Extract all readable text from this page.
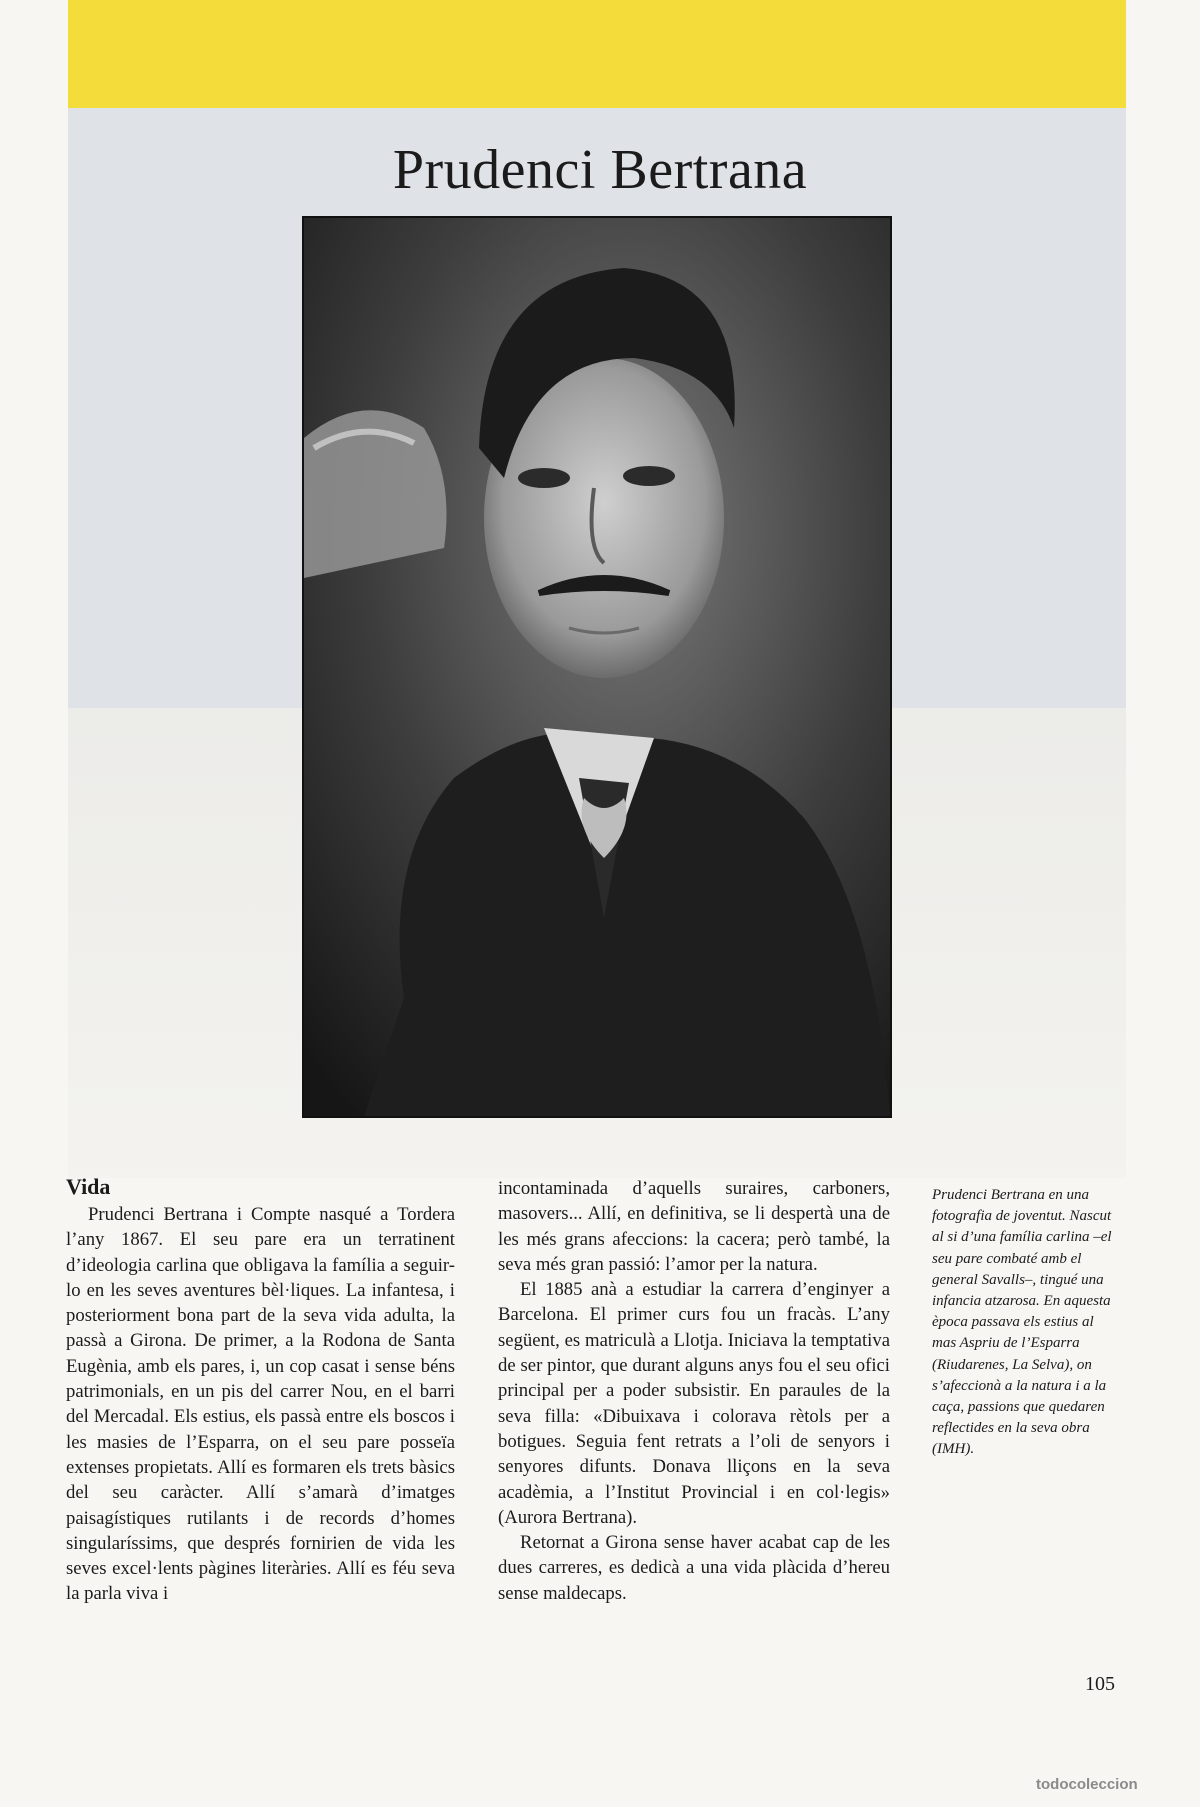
Prudenci Bertrana
Vida

Prudenci Bertrana i Compte nasqué a Tordera l’any 1867. El seu pare era un terratinent d’ideologia carlina que obligava la família a seguir-lo en les seves aventures bèl·liques. La infantesa, i posteriorment bona part de la seva vida adulta, la passà a Girona. De primer, a la Rodona de Santa Eugènia, amb els pares, i, un cop casat i sense béns patrimonials, en un pis del carrer Nou, en el barri del Mercadal. Els estius, els passà entre els boscos i les masies de l’Esparra, on el seu pare posseïa extenses propietats. Allí es formaren els trets bàsics del seu caràcter. Allí s’amarà d’imatges paisagístiques rutilants i de records d’homes singularíssims, que després fornirien de vida les seves excel·lents pàgines literàries. Allí es féu seva la parla viva i

incontaminada d’aquells suraires, carboners, masovers... Allí, en definitiva, se li despertà una de les més grans afeccions: la cacera; però també, la seva més gran passió: l’amor per la natura.

El 1885 anà a estudiar la carrera d’enginyer a Barcelona. El primer curs fou un fracàs. L’any següent, es matriculà a Llotja. Iniciava la temptativa de ser pintor, que durant alguns anys fou el seu ofici principal per a poder subsistir. En paraules de la seva filla: «Dibuixava i colorava rètols per a botigues. Seguia fent retrats a l’oli de senyors i senyores difunts. Donava lliçons en la seva acadèmia, a l’Institut Provincial i en col·legis» (Aurora Bertrana).

Retornat a Girona sense haver acabat cap de les dues carreres, es dedicà a una vida plàcida d’hereu sense maldecaps.

Prudenci Bertrana en una fotografia de joventut. Nascut al si d’una família carlina –el seu pare combaté amb el general Savalls–, tingué una infancia atzarosa. En aquesta època passava els estius al mas Aspriu de l’Esparra (Riudarenes, La Selva), on s’afeccionà a la natura i a la caça, passions que quedaren reflectides en la seva obra (IMH).

105

todocoleccion
